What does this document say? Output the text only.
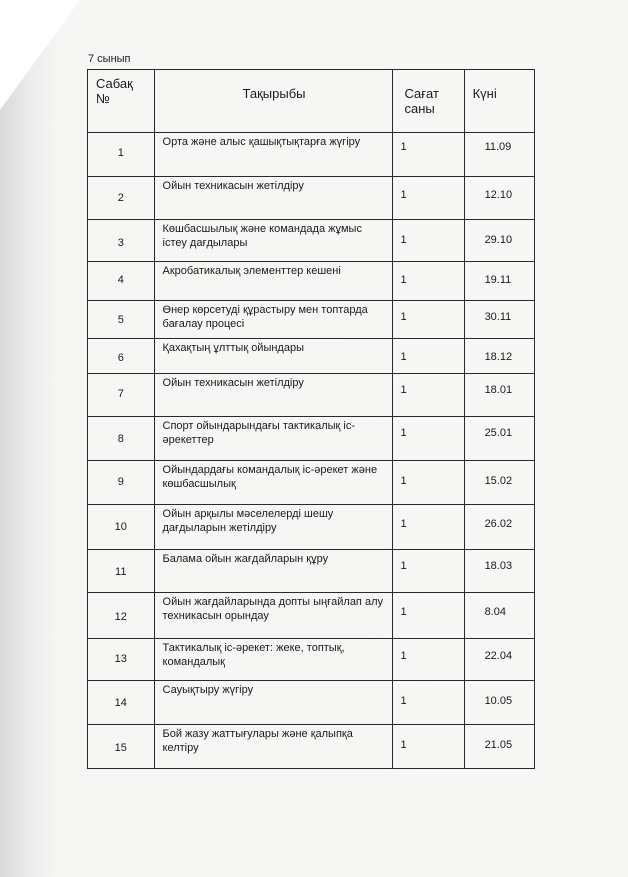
7 сынып
Сабақ №	Тақырыбы	Сағат саны	Күні

1	Орта және алыс қашықтықтарға жүгіру	1	11.09

2	Ойын техникасын жетілдіру	1	12.10

3	Көшбасшылық және командада жұмыс істеу дағдылары	1	29.10

4	Акробатикалық элементтер кешені	1	19.11

5	Өнер көрсетуді құрастыру мен топтарда бағалау процесі	1	30.11

6	Қахақтың ұлттық ойындары	1	18.12

7	Ойын техникасын жетілдіру	1	18.01

8	Спорт ойындарындағы тактикалық іс-әрекеттер	1	25.01

9	Ойындардағы командалық іс-әрекет және көшбасшылық	1	15.02

10	Ойын арқылы мәселелерді шешу дағдыларын жетілдіру	1	26.02

11	Балама ойын жағдайларын құру	1	18.03

12	Ойын жағдайларында допты ыңғайлап алу техникасын орындау	1	8.04

13	Тактикалық іс-әрекет: жеке, топтық, командалық	1	22.04

14	Сауықтыру жүгіру	1	10.05

15	Бой жазу жаттығулары және қалыпқа келтіру	1	21.05
